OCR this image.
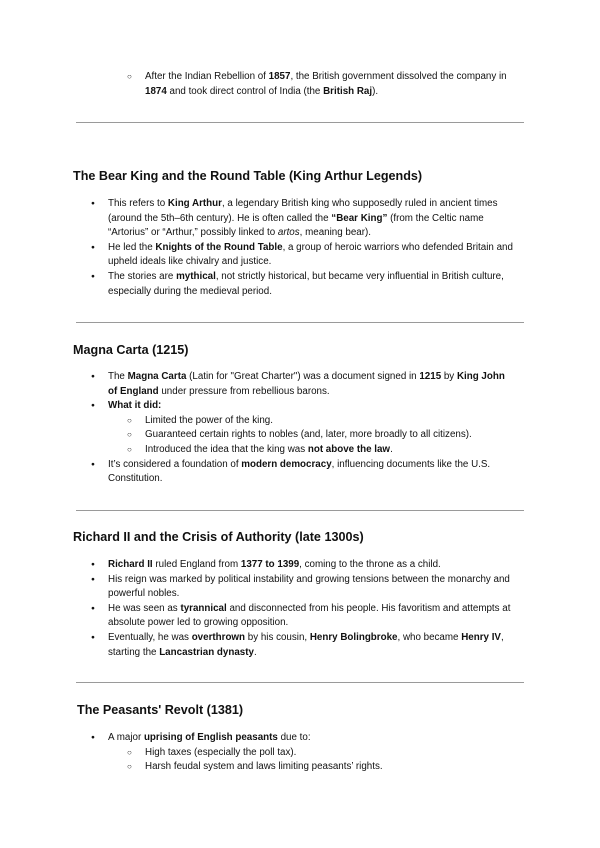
○ After the Indian Rebellion of 1857, the British government dissolved the company in 1874 and took direct control of India (the British Raj).
The Bear King and the Round Table (King Arthur Legends)
● This refers to King Arthur, a legendary British king who supposedly ruled in ancient times (around the 5th–6th century). He is often called the “Bear King” (from the Celtic name “Artorius” or “Arthur,” possibly linked to artos, meaning bear).
● He led the Knights of the Round Table, a group of heroic warriors who defended Britain and upheld ideals like chivalry and justice.
● The stories are mythical, not strictly historical, but became very influential in British culture, especially during the medieval period.
Magna Carta (1215)
● The Magna Carta (Latin for "Great Charter") was a document signed in 1215 by King John of England under pressure from rebellious barons.
● What it did:
○ Limited the power of the king.
○ Guaranteed certain rights to nobles (and, later, more broadly to all citizens).
○ Introduced the idea that the king was not above the law.
● It’s considered a foundation of modern democracy, influencing documents like the U.S. Constitution.
Richard II and the Crisis of Authority (late 1300s)
● Richard II ruled England from 1377 to 1399, coming to the throne as a child.
● His reign was marked by political instability and growing tensions between the monarchy and powerful nobles.
● He was seen as tyrannical and disconnected from his people. His favoritism and attempts at absolute power led to growing opposition.
● Eventually, he was overthrown by his cousin, Henry Bolingbroke, who became Henry IV, starting the Lancastrian dynasty.
The Peasants' Revolt (1381)
● A major uprising of English peasants due to:
○ High taxes (especially the poll tax).
○ Harsh feudal system and laws limiting peasants’ rights.
